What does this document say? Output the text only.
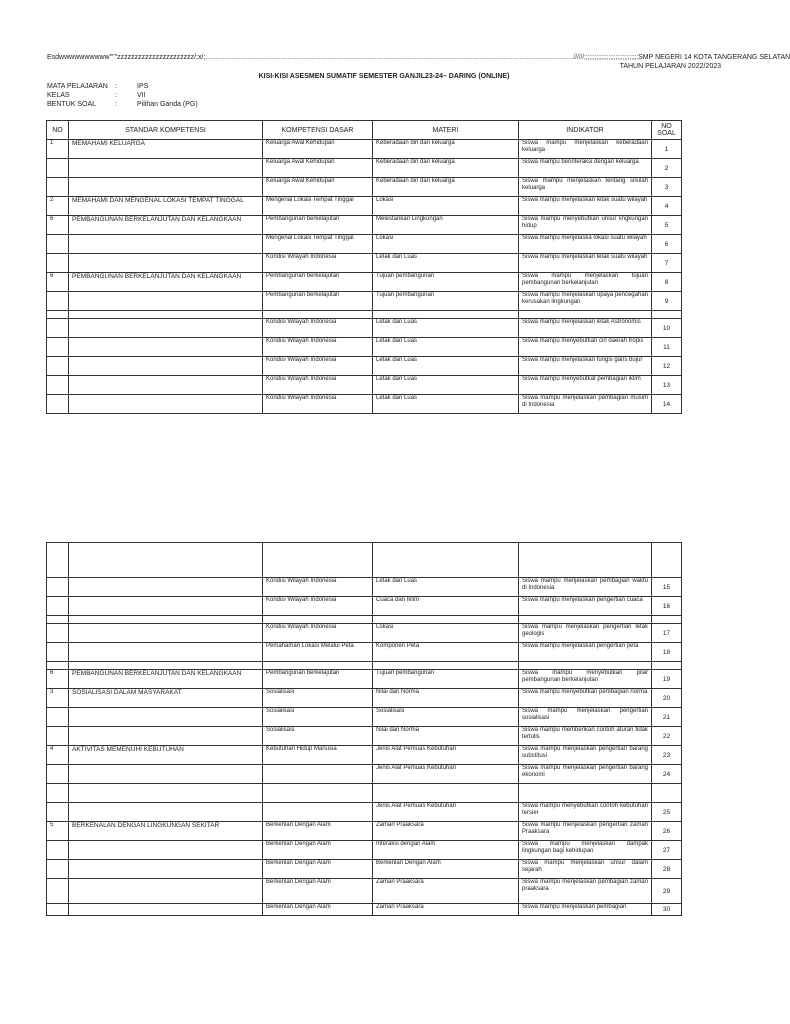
Esdwwwwwwwwww"""zzzzzzzzzzzzzzzzzzzzzz/;x/;...................................................................................................................................................................................................................//////;;;;;;;;;;;;;;;;;;;;;;;;;;;;;;;SMP NEGERI 14 KOTA TANGERANG SELATAN
TAHUN PELAJARAN 2022/2023
KISI-KISI ASESMEN SUMATIF SEMESTER GANJIL23-24– DARING (ONLINE)
MATA PELAJARAN :	IPS
KELAS	:	VII
BENTUK SOAL	:	Pilihan Ganda (PG)
NO	STANDAR KOMPETENSI	KOMPETENSI DASAR	MATERI	INDIKATOR	NO SOAL
1	MEMAHAMI KELUARGA	Keluarga Awal Kehidupan	Keberadaan diri dan keluarga	Siswa mampu menjelaskan keberadaan keluarga	1
		Keluarga Awal Kehidupan	Keberadaan diri dan keluarga	Siswa mampu berinteraksi dengan keluarga	2
		Keluarga Awal Kehidupan	Keberadaan diri dan keluarga	Siswa mampu menjelaskan tentang silsilah keluarga	3
2	MEMAHAMI DAN MENGENAL LOKASI TEMPAT TINGGAL	Mengenal Lokasi Tempat Tinggal	Lokasi	Siswa mampu menjelaskan letak suatu wilayah	4
6	PEMBANGUNAN BERKELANJUTAN DAN KELANGKAAN	Pembangunan berkelajutan	Melestarikan Lingkungan	Siswa mampu menyebutkan unsur lingkungan hidup	5
		Mengenal Lokasi Tempat Tinggal	Lokasi	Siswa mampu menjelaska lokasi suatu wilayah	6
		Kondisi Wilayah Indonesia	Letak dan Luas	Siswa mampu menjelaskan letak suatu wilayah	7
6	PEMBANGUNAN BERKELANJUTAN DAN KELANGKAAN	Pembangunan berkelajutan	Tujuan pembangunan	Siswa mampu menjelaskan tujuan pembangunan berkelanjutan	8
		Pembangunan berkelajutan	Tujuan pembangunan	Siswa mampu menjelaskan upaya pencegahan kerusakan lingkungan	9

		Kondisi Wilayah Indonesia	Letak dan Luas	Siswa mampu menjelaskan letak Astronomis	10
		Kondisi Wilayah Indonesia	Letak dan Luas	Siswa mampu menyebutkan ciri daerah tropis	11
		Kondisi Wilayah Indonesia	Letak dan Luas	Siswa mampu menjelaskan fungsi garis bujur	12
		Kondisi Wilayah Indonesia	Letak dan Luas	Siswa mampu menyebutkat pembagian iklim	13
		Kondisi Wilayah Indonesia	Letak dan Luas	Siswa mampu menjelaskan pembagian musim di Indonesia	14

		Kondisi Wilayah Indonesia	Letak dan Luas	Siswa mampu menjelaskan pembagian waktu di Indonesia	15
		Kondisi Wilayah Indonesia	Cuaca dan Iklim	Siswa mampu menjelaskan pengertian cuaca	16

		Kondisi Wilayah Indonesia	Lokasi	Siswa mampu menjelaskan pengertian letak geologis	17
		Pemahaman Lokasi Melalui Peta	Komponen Peta	Siswa mampu menjelaskan pengertian peta	18

6	PEMBANGUNAN BERKELANJUTAN DAN KELANGKAAN	Pembangunan berkelajutan	Tujuan pembangunan	Siswa mampu menyebutkan pilar pembangunan berkelanjutan	19
3	SOSIALISASI DALAM MASYARAKAT	Sosialisasi	Nilai dan Norma	Siswa mampu menyebutkan pembagian norma	20
		Sosialisasi	Sosialisasi	Siswa mampu menjelaskan pengertian sosialisasi	21
		Sosialisasi	Nilai dan Norma	Siswa mampu memberikan contoh aturan tidak tertulis	22
4	AKTIVITAS MEMENUHI KEBUTUHAN	Kebutuhan Hidup Manusia	Jenis Alat Pemuas Kebutuhan	Siswa mampu menjelaskan pengertian barang substitusi	23
			Jenis Alat Pemuas Kebutuhan	Siswa mampu menjelaskan pengertian barang ekonomi	24

			Jenis Alat Pemuas Kebutuhan	Siswa mampu menyebutkan contoh kebutuhan tersier	25
5	BERKENALAN DENGAN LINGKUNGAN SEKITAR	Berkenlan Dengan Alam	Zaman Praaksara	Siswa mampu menjelaskan pengertian zaman Praaksara	26
		Berkenlan Dengan Alam	Interaksi dengan Alam	Siswa mampu menjelaskan dampak lingkungan bagi kehidupan	27
		Berkenlan Dengan Alam	Berkenlan Dengan Alam	Siswa mampu menjelaskan unsur dalam sejarah	28
		Berkenlan Dengan Alam	Zaman Praaksara	Siswa mampu menjelaskan pembagian zaman praaksara	29
		Berkenlan Dengan Alam	Zaman Praaksara	Siswa mampu menjelaskan pembagian	30
